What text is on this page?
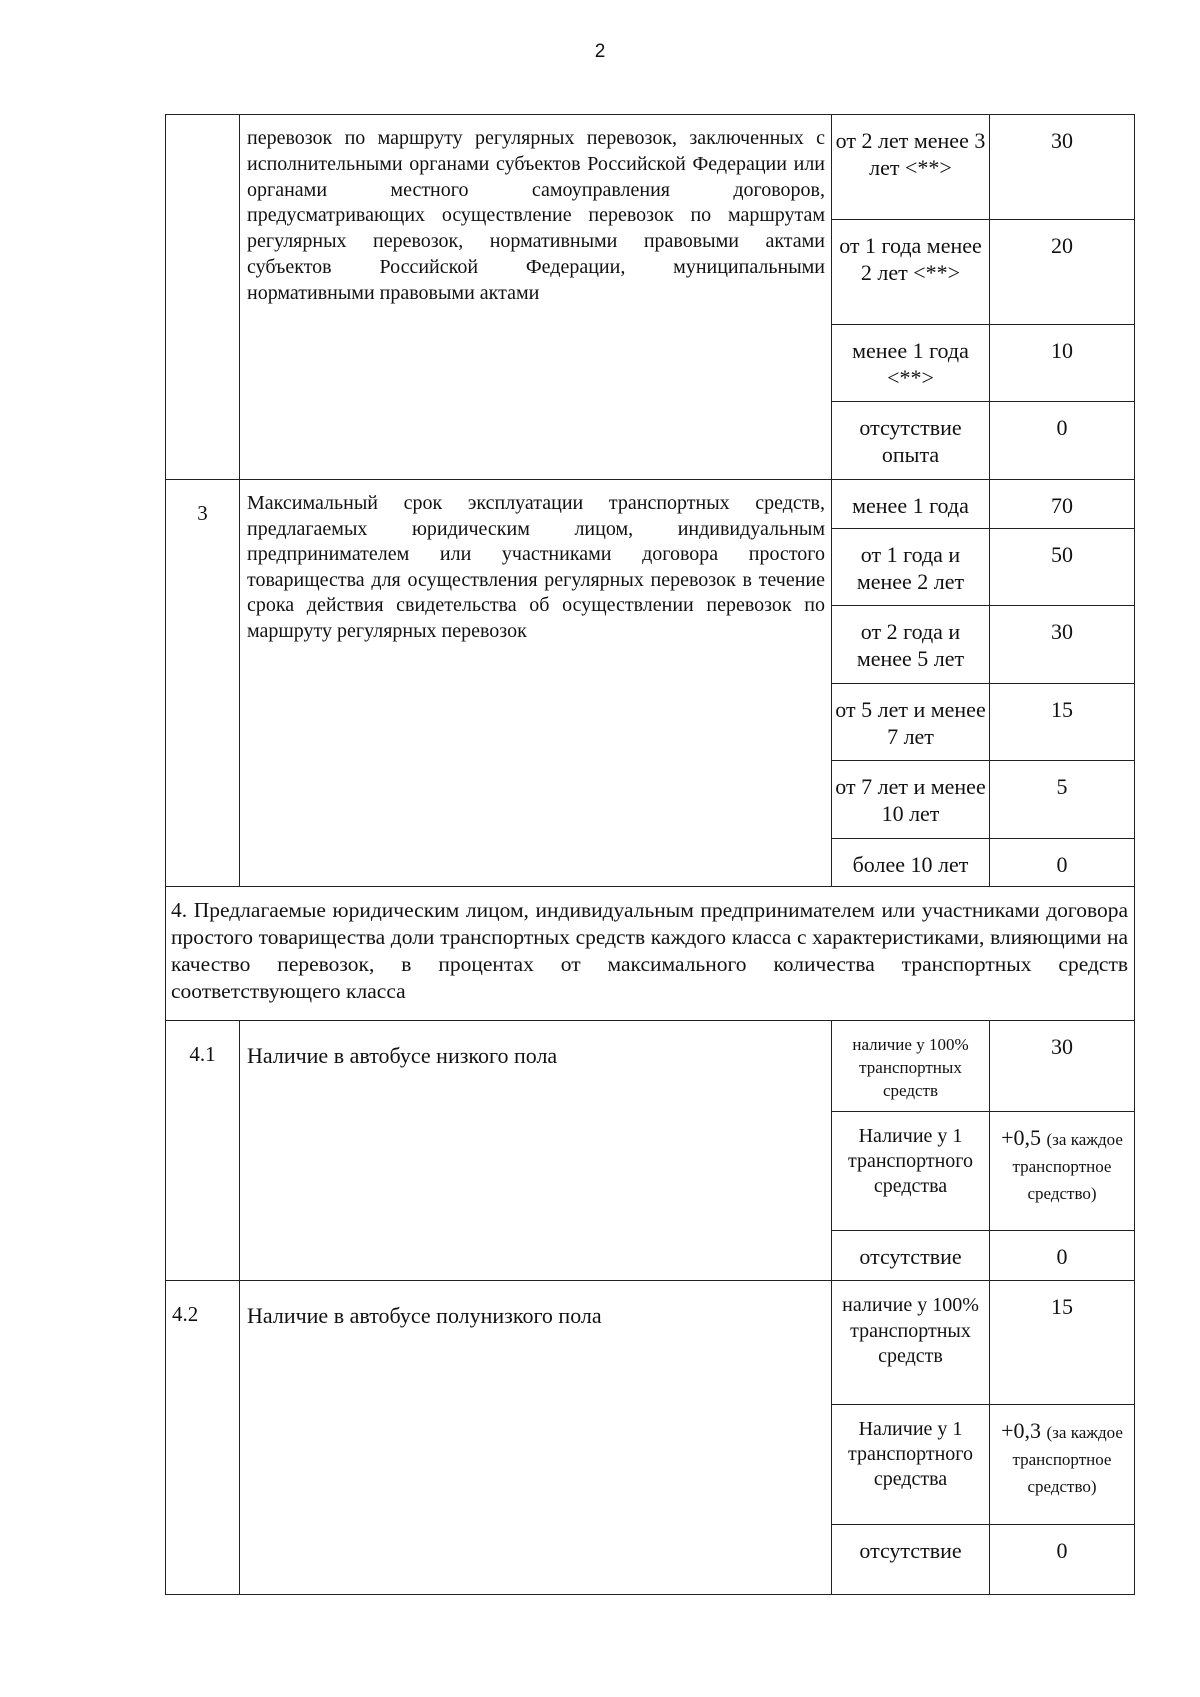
2
	перевозок по маршруту регулярных перевозок, заключенных с исполнительными органами субъектов Российской Федерации или органами местного самоуправления договоров, предусматривающих осуществление перевозок по маршрутам регулярных перевозок, нормативными правовыми актами субъектов Российской Федерации, муниципальными нормативными правовыми актами	от 2 лет менее 3 лет <**>	30
		от 1 года менее 2 лет <**>	20
		менее 1 года <**>	10
		отсутствие опыта	0
3	Максимальный срок эксплуатации транспортных средств, предлагаемых юридическим лицом, индивидуальным предпринимателем или участниками договора простого товарищества для осуществления регулярных перевозок в течение срока действия свидетельства об осуществлении перевозок по маршруту регулярных перевозок	менее 1 года	70
		от 1 года и менее 2 лет	50
		от 2 года и менее 5 лет	30
		от 5 лет и менее 7 лет	15
		от 7 лет и менее 10 лет	5
		более 10 лет	0
4. Предлагаемые юридическим лицом, индивидуальным предпринимателем или участниками договора простого товарищества доли транспортных средств каждого класса с характеристиками, влияющими на качество перевозок, в процентах от максимального количества транспортных средств соответствующего класса			
4.1	Наличие в автобусе низкого пола	наличие у 100% транспортных средств	30
		Наличие у 1 транспортного средства	+0,5 (за каждое транспортное средство)
		отсутствие	0
4.2	Наличие в автобусе полунизкого пола	наличие у 100% транспортных средств	15
		Наличие у 1 транспортного средства	+0,3 (за каждое транспортное средство)
		отсутствие	0
